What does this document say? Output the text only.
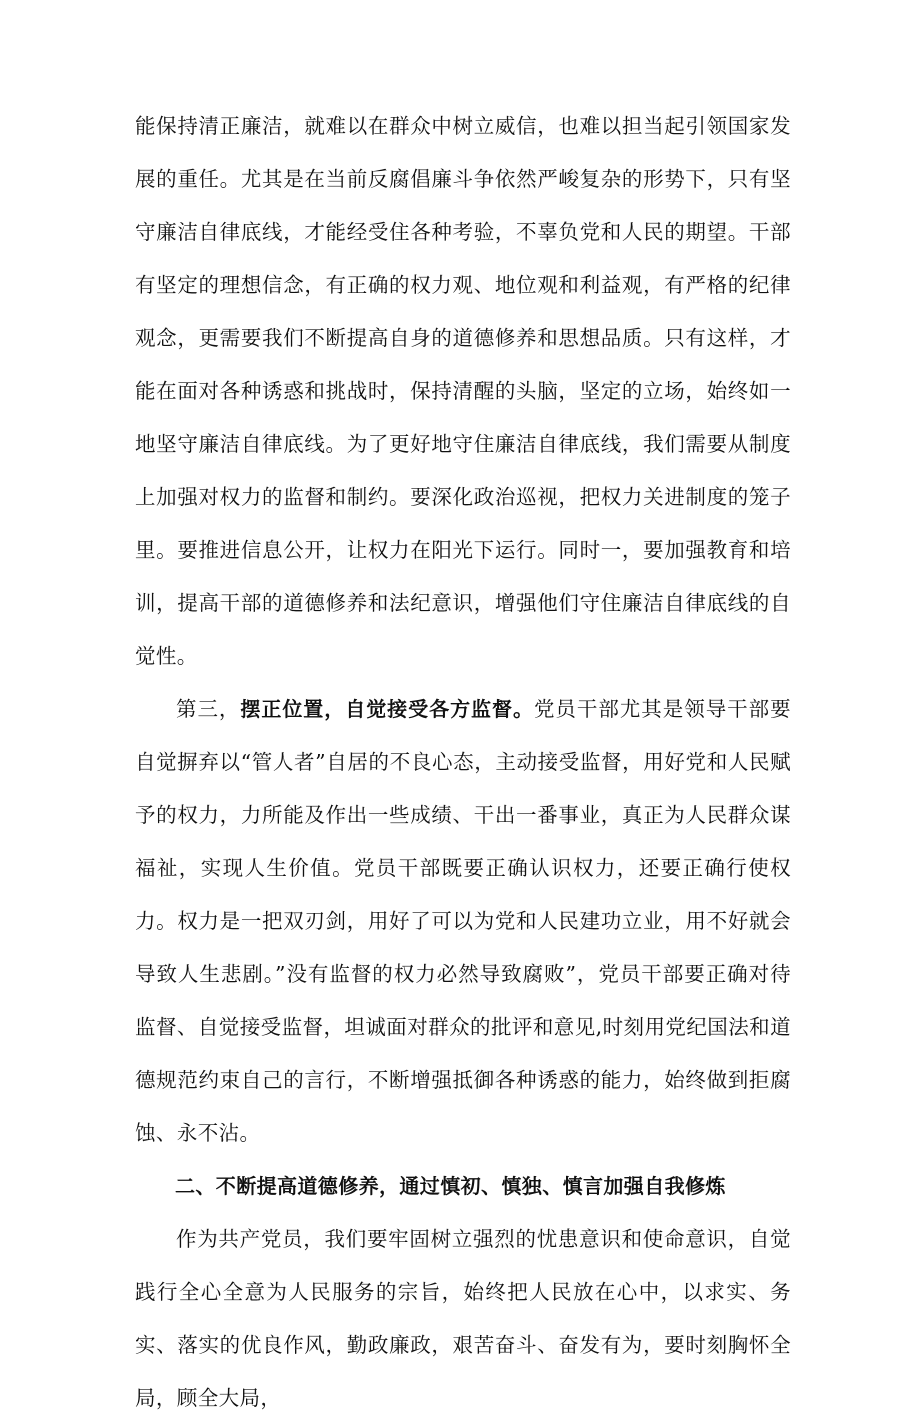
能保持清正廉洁，就难以在群众中树立威信，也难以担当起引领国家发展的重任。尤其是在当前反腐倡廉斗争依然严峻复杂的形势下，只有坚守廉洁自律底线，才能经受住各种考验，不辜负党和人民的期望。干部有坚定的理想信念，有正确的权力观、地位观和利益观，有严格的纪律观念，更需要我们不断提高自身的道德修养和思想品质。只有这样，才能在面对各种诱惑和挑战时，保持清醒的头脑，坚定的立场，始终如一地坚守廉洁自律底线。为了更好地守住廉洁自律底线，我们需要从制度上加强对权力的监督和制约。要深化政治巡视，把权力关进制度的笼子里。要推进信息公开，让权力在阳光下运行。同时一，要加强教育和培训，提高干部的道德修养和法纪意识，增强他们守住廉洁自律底线的自觉性。

第三，摆正位置，自觉接受各方监督。党员干部尤其是领导干部要自觉摒弃以“管人者”自居的不良心态，主动接受监督，用好党和人民赋予的权力，力所能及作出一些成绩、干出一番事业，真正为人民群众谋福祉，实现人生价值。党员干部既要正确认识权力，还要正确行使权力。权力是一把双刃剑，用好了可以为党和人民建功立业，用不好就会导致人生悲剧。”没有监督的权力必然导致腐败”，党员干部要正确对待监督、自觉接受监督，坦诚面对群众的批评和意见,时刻用党纪国法和道德规范约束自己的言行，不断增强抵御各种诱惑的能力，始终做到拒腐蚀、永不沾。

二、不断提高道德修养，通过慎初、慎独、慎言加强自我修炼

作为共产党员，我们要牢固树立强烈的忧患意识和使命意识，自觉践行全心全意为人民服务的宗旨，始终把人民放在心中，以求实、务实、落实的优良作风，勤政廉政，艰苦奋斗、奋发有为，要时刻胸怀全局，顾全大局，
